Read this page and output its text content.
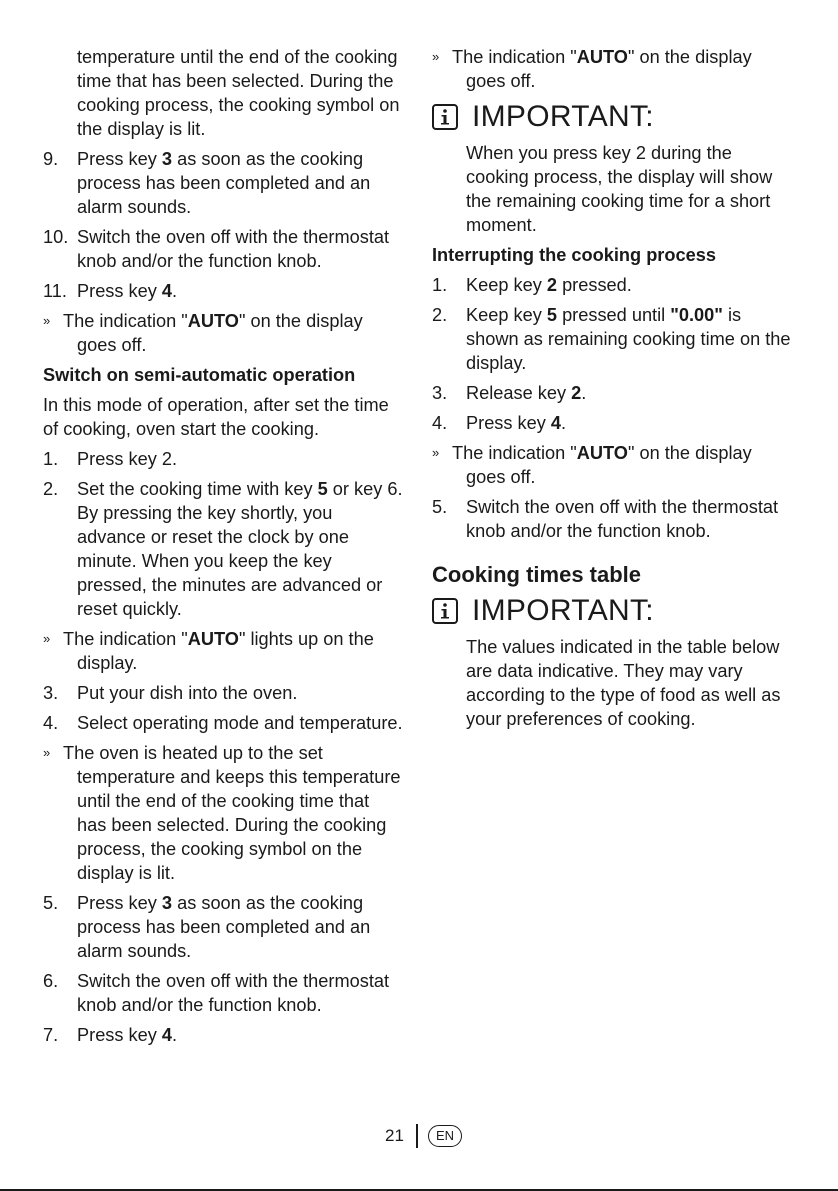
temperature until the end of the cooking time that has been selected. During the cooking process, the cooking symbol on the display is lit.

9. Press key 3 as soon as the cooking process has been completed and an alarm sounds.
10. Switch the oven off with the thermostat knob and/or the function knob.
11. Press key 4.
» The indication "AUTO" on the display goes off.

Switch on semi-automatic operation

In this mode of operation, after set the time of cooking, oven start the cooking.

1. Press key 2.
2. Set the cooking time with key 5 or key 6. By pressing the key shortly, you advance or reset the clock by one minute. When you keep the key pressed, the minutes are advanced or reset quickly.
» The indication "AUTO" lights up on the display.
3. Put your dish into the oven.
4. Select operating mode and temperature.
» The oven is heated up to the set temperature and keeps this temperature until the end of the cooking time that has been selected. During the cooking process, the cooking symbol on the display is lit.
5. Press key 3 as soon as the cooking process has been completed and an alarm sounds.
6. Switch the oven off with the thermostat knob and/or the function knob.
7. Press key 4.
» The indication "AUTO" on the display goes off.
IMPORTANT:

When you press key 2 during the cooking process, the display will show the remaining cooking time for a short moment.

Interrupting the cooking process

1. Keep key 2 pressed.
2. Keep key 5 pressed until "0.00" is shown as remaining cooking time on the display.
3. Release key 2.
4. Press key 4.
» The indication "AUTO" on the display goes off.
5. Switch the oven off with the thermostat knob and/or the function knob.

Cooking times table

IMPORTANT:

The values indicated in the table below are data indicative. They may vary according to the type of food as well as your preferences of cooking.

21	EN
